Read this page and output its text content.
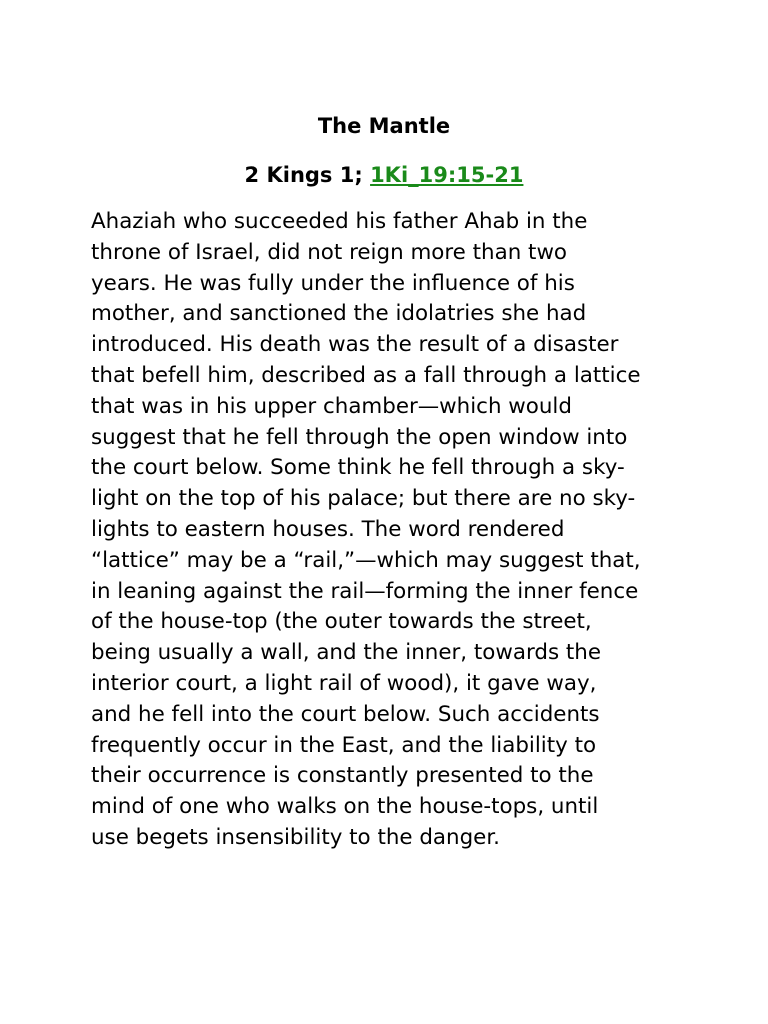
The Mantle

2 Kings 1; 1Ki_19:15-21

Ahaziah who succeeded his father Ahab in the
throne of Israel, did not reign more than two
years. He was fully under the influence of his
mother, and sanctioned the idolatries she had
introduced. His death was the result of a disaster
that befell him, described as a fall through a lattice
that was in his upper chamber—which would
suggest that he fell through the open window into
the court below. Some think he fell through a sky-
light on the top of his palace; but there are no sky-
lights to eastern houses. The word rendered
“lattice” may be a “rail,”—which may suggest that,
in leaning against the rail—forming the inner fence
of the house-top (the outer towards the street,
being usually a wall, and the inner, towards the
interior court, a light rail of wood), it gave way,
and he fell into the court below. Such accidents
frequently occur in the East, and the liability to
their occurrence is constantly presented to the
mind of one who walks on the house-tops, until
use begets insensibility to the danger.
